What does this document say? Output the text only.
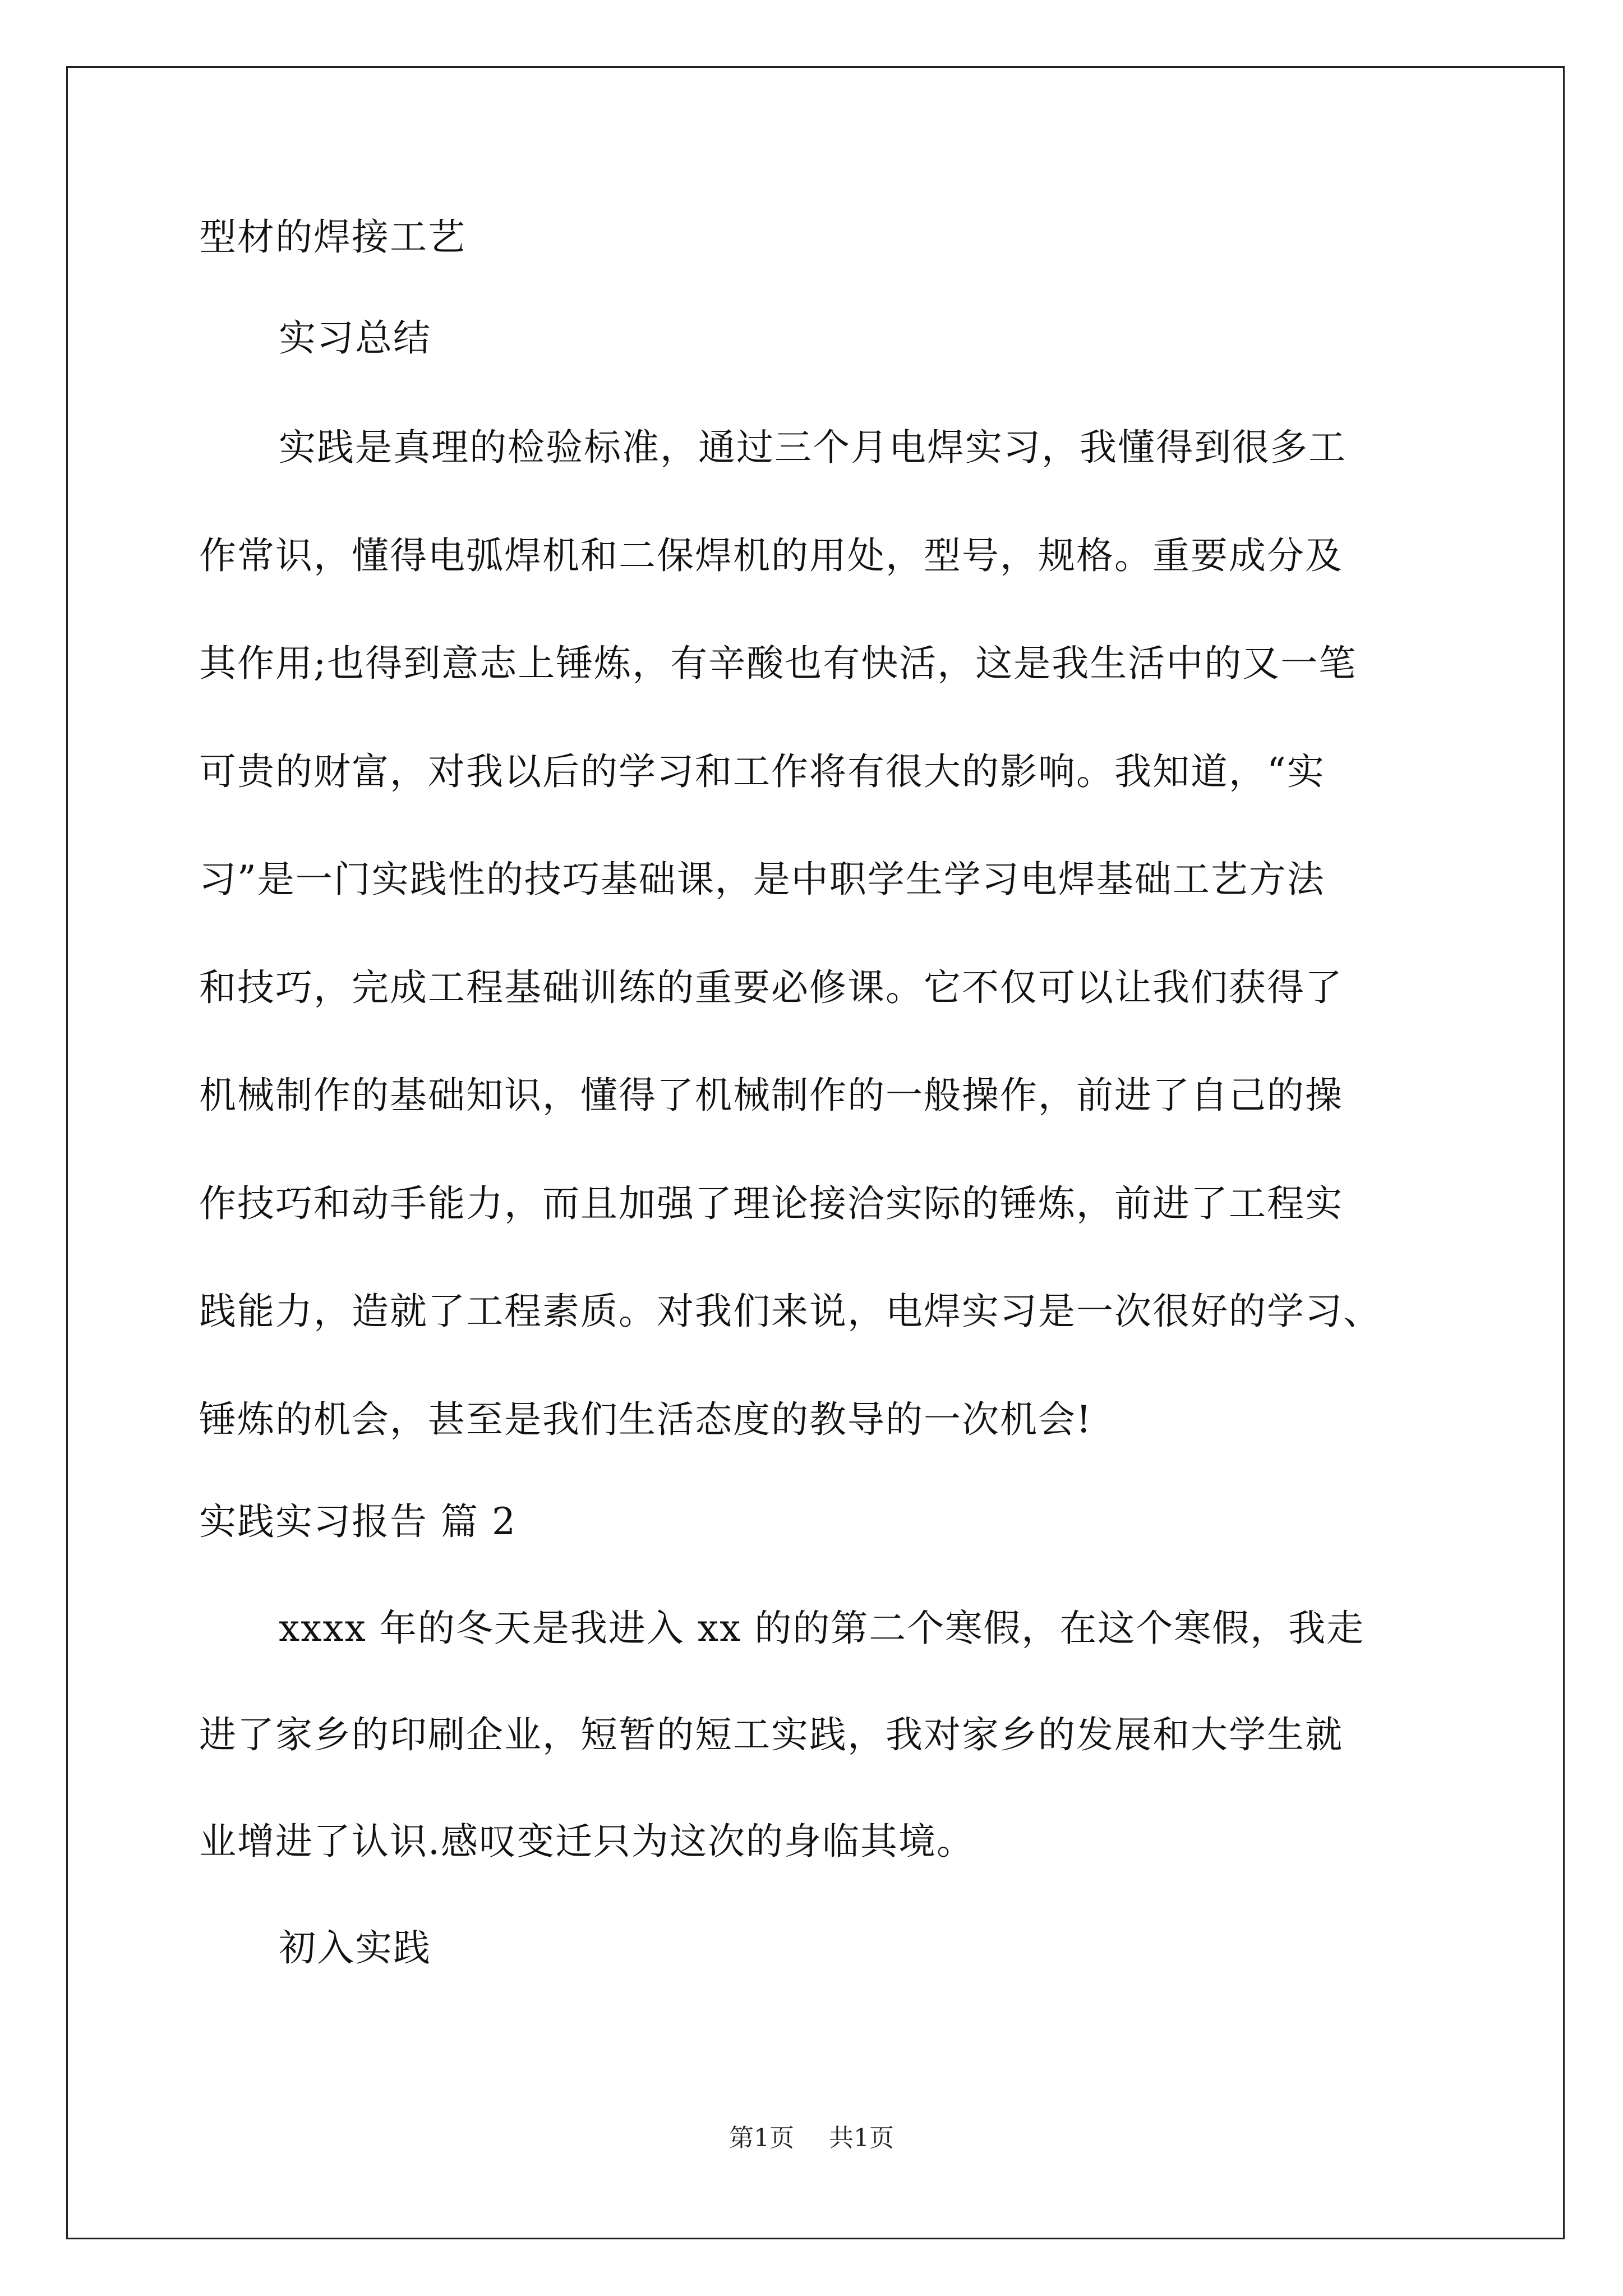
型材的焊接工艺

实习总结

实践是真理的检验标准，通过三个月电焊实习，我懂得到很多工

作常识，懂得电弧焊机和二保焊机的用处，型号，规格。重要成分及

其作用;也得到意志上锤炼，有辛酸也有快活，这是我生活中的又一笔

可贵的财富，对我以后的学习和工作将有很大的影响。我知道，“实

习”是一门实践性的技巧基础课，是中职学生学习电焊基础工艺方法

和技巧，完成工程基础训练的重要必修课。它不仅可以让我们获得了

机械制作的基础知识，懂得了机械制作的一般操作，前进了自己的操

作技巧和动手能力，而且加强了理论接洽实际的锤炼，前进了工程实

践能力，造就了工程素质。对我们来说，电焊实习是一次很好的学习、

锤炼的机会，甚至是我们生活态度的教导的一次机会!

实践实习报告 篇 2

xxxx 年的冬天是我进入 xx 的的第二个寒假，在这个寒假，我走

进了家乡的印刷企业，短暂的短工实践，我对家乡的发展和大学生就

业增进了认识.感叹变迁只为这次的身临其境。

初入实践

第1页 共1页
